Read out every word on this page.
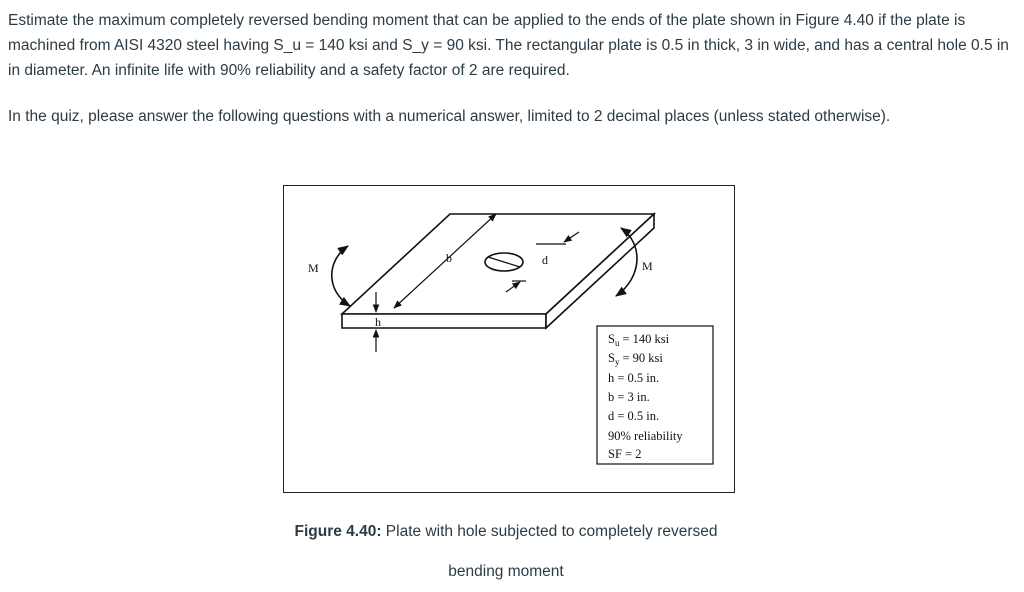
Estimate the maximum completely reversed bending moment that can be applied to the ends of the plate shown in Figure 4.40 if the plate is machined from AISI 4320 steel having S_u = 140 ksi and S_y = 90 ksi. The rectangular plate is 0.5 in thick, 3 in wide, and has a central hole 0.5 in in diameter. An infinite life with 90% reliability and a safety factor of 2 are required.

In the quiz, please answer the following questions with a numerical answer, limited to 2 decimal places (unless stated otherwise).

M	M
b	d
h
$S_u = 140$ ksi
$S_y = 90$ ksi
h = 0.5 in.
b = 3 in.
d = 0.5 in.
90% reliability
SF = 2
Figure 4.40: Plate with hole subjected to completely reversed
bending moment
